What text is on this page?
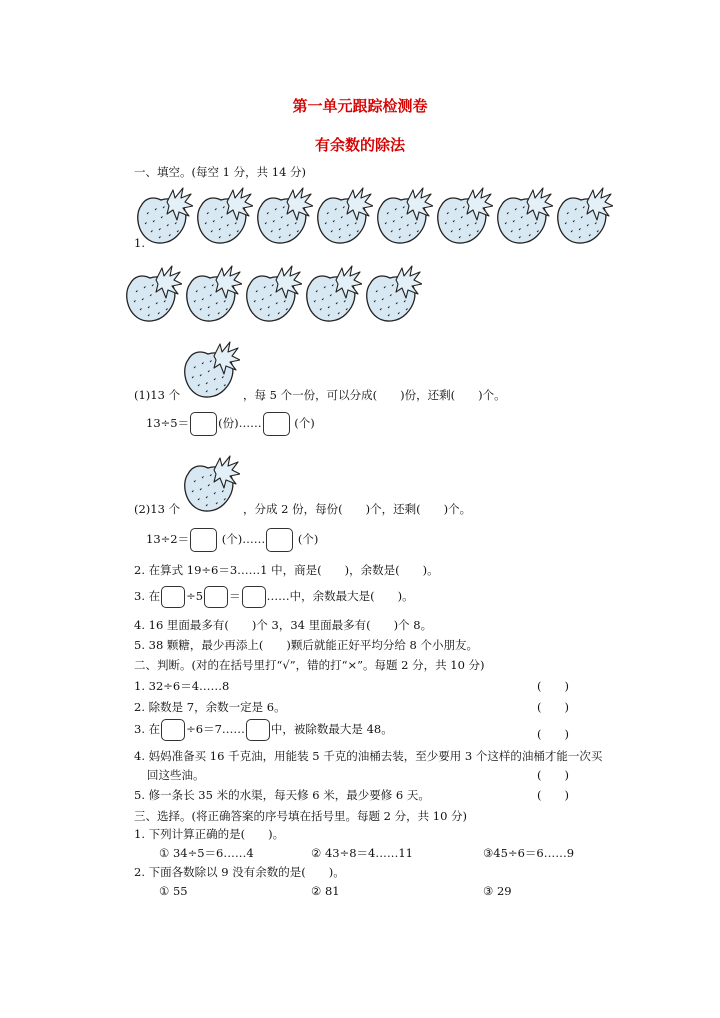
第一单元跟踪检测卷
有余数的除法
一、填空。(每空 1 分，共 14 分)
1.
(1)13 个	，每 5 个一份，可以分成(　　)份，还剩(　　)个。
13÷5＝	(份)……	(个)
(2)13 个	，分成 2 份，每份(　　)个，还剩(　　)个。
13÷2＝	(个)……	(个)
2. 在算式 19÷6＝3……1 中，商是(　　)，余数是(　　)。
3. 在 ÷5 ＝ ……中，余数最大是(　　)。
4. 16 里面最多有(　　)个 3，34 里面最多有(　　)个 8。
5. 38 颗糖，最少再添上(　　)颗后就能正好平均分给 8 个小朋友。
二、判断。(对的在括号里打“√”，错的打“×”。每题 2 分，共 10 分)
1. 32÷6＝4……8	(　　)
2. 除数是 7，余数一定是 6。	(　　)
3. 在 ÷6＝7…… 中，被除数最大是 48。	(　　)
4. 妈妈准备买 16 千克油，用能装 5 千克的油桶去装，至少要用 3 个这样的油桶才能一次买
回这些油。	(　　)
5. 修一条长 35 米的水渠，每天修 6 米，最少要修 6 天。	(　　)
三、选择。(将正确答案的序号填在括号里。每题 2 分，共 10 分)
1. 下列计算正确的是(　　)。
① 34÷5＝6……4	② 43÷8＝4……11	③45÷6＝6……9
2. 下面各数除以 9 没有余数的是(　　)。
① 55	② 81	③ 29
